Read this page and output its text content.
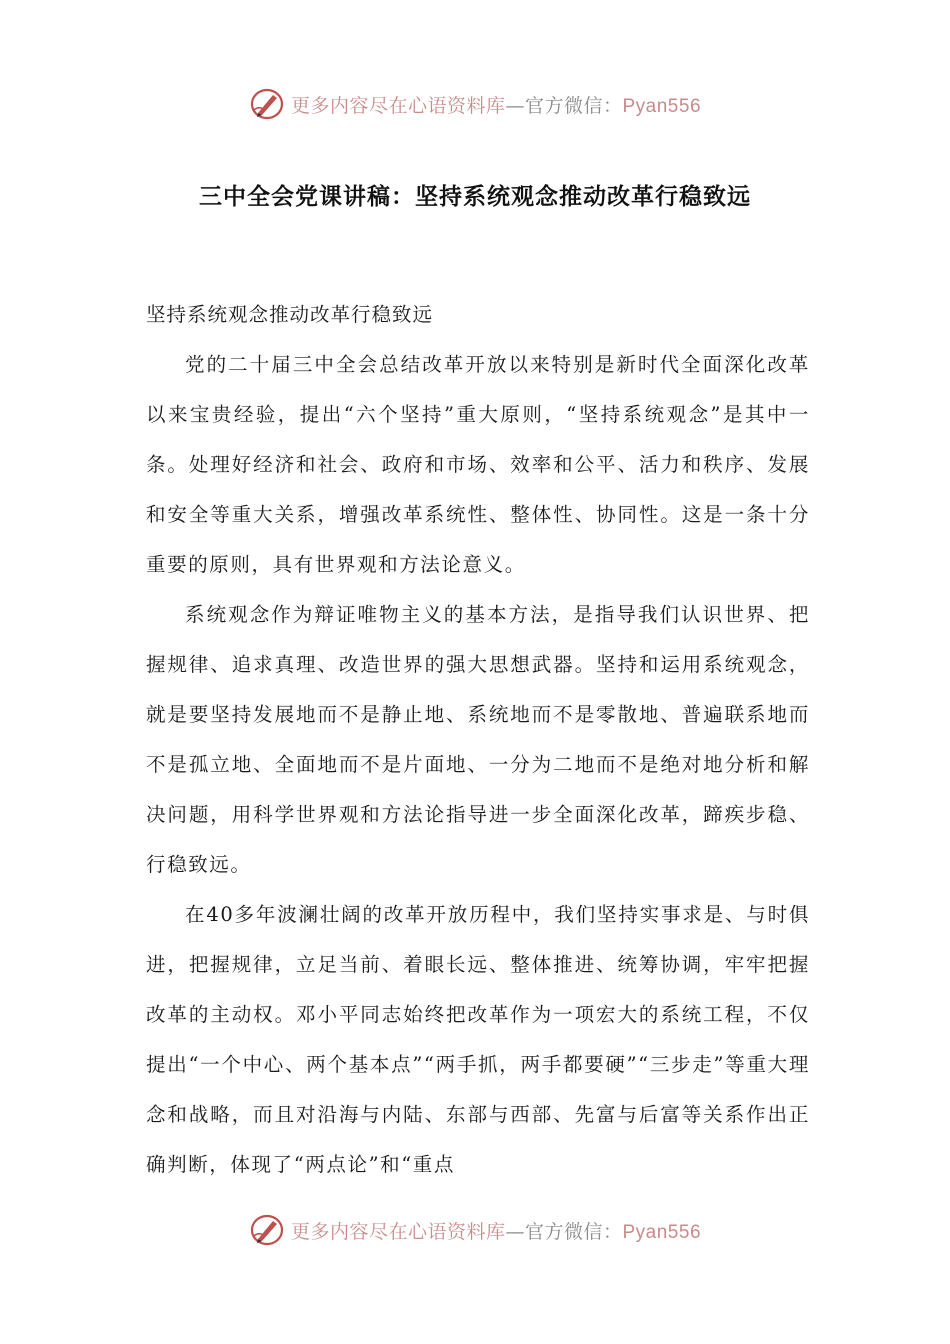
更多内容尽在心语资料库—官方微信：Pyan556
三中全会党课讲稿：坚持系统观念推动改革行稳致远

坚持系统观念推动改革行稳致远

党的二十届三中全会总结改革开放以来特别是新时代全面深化改革以来宝贵经验，提出“六个坚持”重大原则，“坚持系统观念”是其中一条。处理好经济和社会、政府和市场、效率和公平、活力和秩序、发展和安全等重大关系，增强改革系统性、整体性、协同性。这是一条十分重要的原则，具有世界观和方法论意义。

系统观念作为辩证唯物主义的基本方法，是指导我们认识世界、把握规律、追求真理、改造世界的强大思想武器。坚持和运用系统观念，就是要坚持发展地而不是静止地、系统地而不是零散地、普遍联系地而不是孤立地、全面地而不是片面地、一分为二地而不是绝对地分析和解决问题，用科学世界观和方法论指导进一步全面深化改革，蹄疾步稳、行稳致远。

在40多年波澜壮阔的改革开放历程中，我们坚持实事求是、与时俱进，把握规律，立足当前、着眼长远、整体推进、统筹协调，牢牢把握改革的主动权。邓小平同志始终把改革作为一项宏大的系统工程，不仅提出“一个中心、两个基本点”“两手抓，两手都要硬”“三步走”等重大理念和战略，而且对沿海与内陆、东部与西部、先富与后富等关系作出正确判断，体现了“两点论”和“重点

更多内容尽在心语资料库—官方微信：Pyan556
